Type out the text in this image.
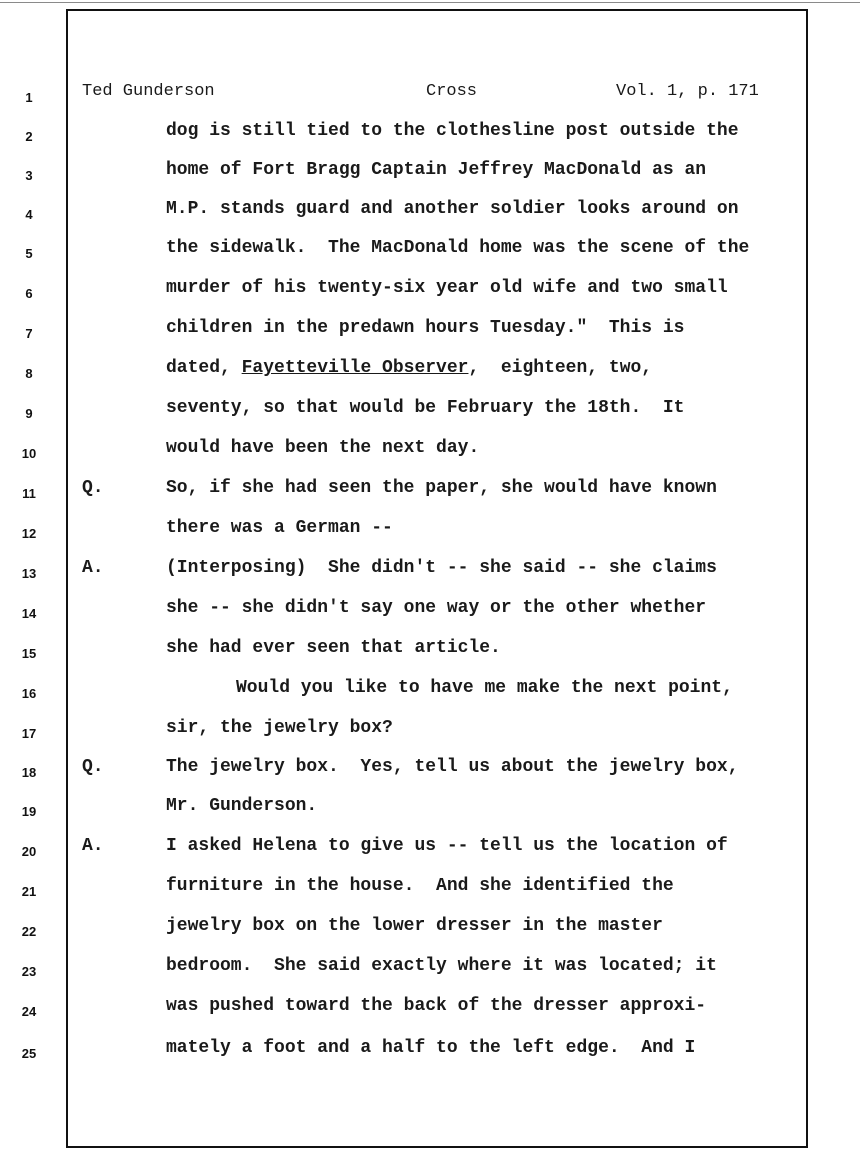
1	Ted Gunderson	Cross	Vol. 1, p. 171
2	dog is still tied to the clothesline post outside the
3	home of Fort Bragg Captain Jeffrey MacDonald as an
4	M.P. stands guard and another soldier looks around on
5	the sidewalk.  The MacDonald home was the scene of the
6	murder of his twenty-six year old wife and two small
7	children in the predawn hours Tuesday."  This is
8	dated, Fayetteville Observer,  eighteen, two,
9	seventy, so that would be February the 18th.  It
10	would have been the next day.
11	Q.	So, if she had seen the paper, she would have known
12	there was a German --
13	A.	(Interposing)  She didn't -- she said -- she claims
14	she -- she didn't say one way or the other whether
15	she had ever seen that article.
16	Would you like to have me make the next point,
17	sir, the jewelry box?
18	Q.	The jewelry box.  Yes, tell us about the jewelry box,
19	Mr. Gunderson.
20	A.	I asked Helena to give us -- tell us the location of
21	furniture in the house.  And she identified the
22	jewelry box on the lower dresser in the master
23	bedroom.  She said exactly where it was located; it
24	was pushed toward the back of the dresser approxi-
25	mately a foot and a half to the left edge.  And I
